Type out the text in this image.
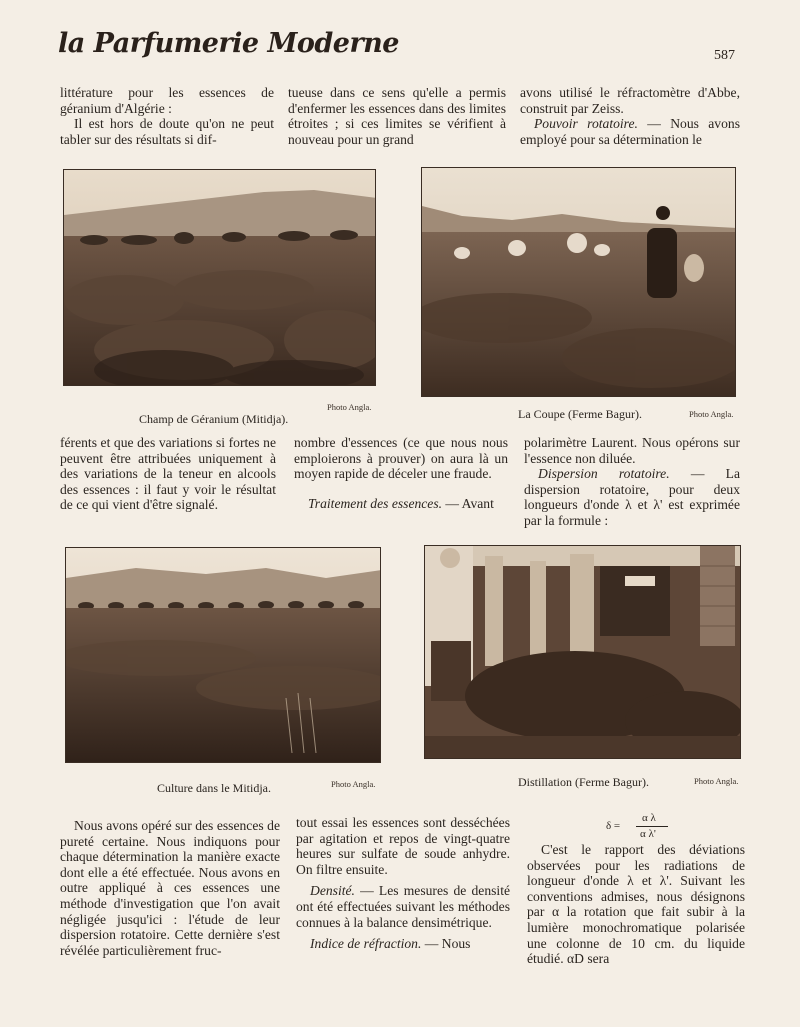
la Parfumerie Moderne	587

littérature pour les essences de géranium d'Algérie :

Il est hors de doute qu'on ne peut tabler sur des résultats si dif-

tueuse dans ce sens qu'elle a permis d'enfermer les essences dans des limites étroites ; si ces limites se vérifient à nouveau pour un grand

avons utilisé le réfractomètre d'Abbe, construit par Zeiss.

Pouvoir rotatoire. — Nous avons employé pour sa détermination le

Champ de Géranium (Mitidja).
Photo Angla.	La Coupe (Ferme Bagur).	Photo Angla.

férents et que des variations si fortes ne peuvent être attribuées uniquement à des variations de la teneur en alcools des essences : il faut y voir le résultat de ce qui vient d'être signalé.

nombre d'essences (ce que nous nous emploierons à prouver) on aura là un moyen rapide de déceler une fraude.

Traitement des essences. — Avant

polarimètre Laurent. Nous opérons sur l'essence non diluée.

Dispersion rotatoire. — La dispersion rotatoire, pour deux longueurs d'onde λ et λ' est exprimée par la formule :

Culture dans le Mitidja.	Photo Angla.	Distillation (Ferme Bagur).	Photo Angla.

Nous avons opéré sur des essences de pureté certaine. Nous indiquons pour chaque détermination la manière exacte dont elle a été effectuée. Nous avons en outre appliqué à ces essences une méthode d'investigation que l'on avait négligée jusqu'ici : l'étude de leur dispersion rotatoire. Cette dernière s'est révélée particulièrement fruc-

tout essai les essences sont desséchées par agitation et repos de vingt-quatre heures sur sulfate de soude anhydre. On filtre ensuite.

Densité. — Les mesures de densité ont été effectuées suivant les méthodes connues à la balance densimétrique.

Indice de réfraction. — Nous

δ =
α λ
α λ'

C'est le rapport des déviations observées pour les radiations de longueur d'onde λ et λ'. Suivant les conventions admises, nous désignons par α la rotation que fait subir à la lumière monochromatique polarisée une colonne de 10 cm. du liquide étudié. αD sera
